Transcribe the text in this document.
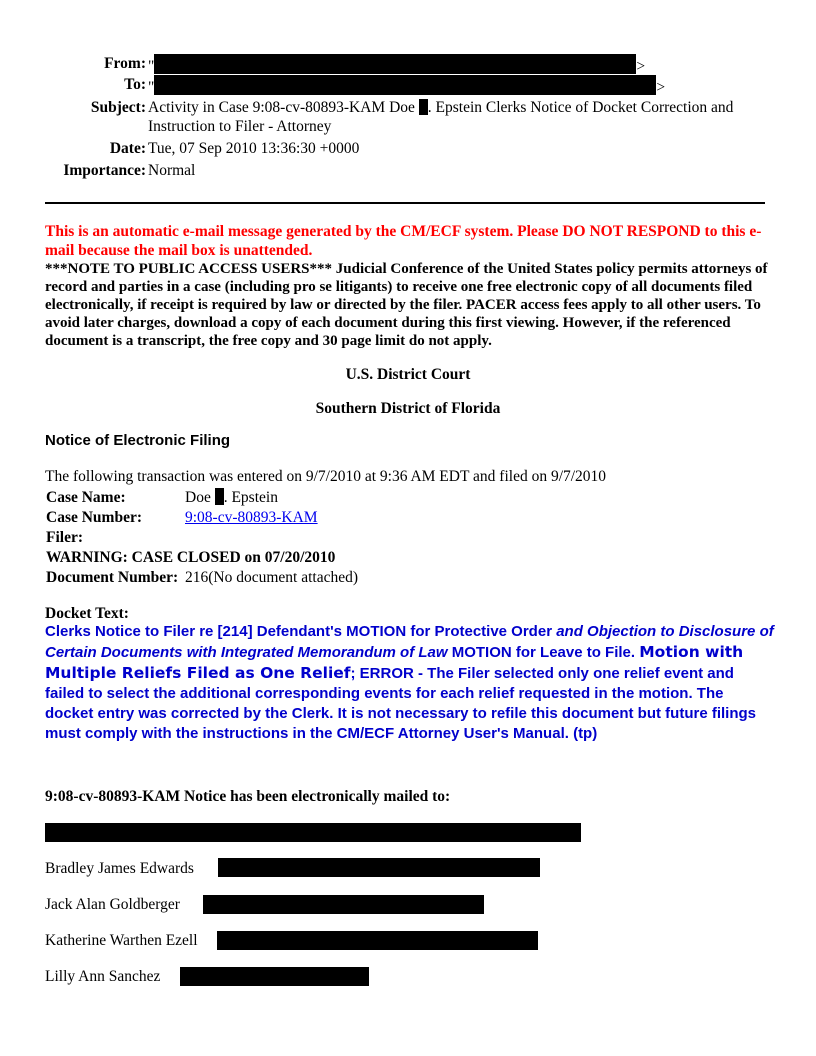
From: "	>
To: "	>
Subject: Activity in Case 9:08-cv-80893-KAM Doe . Epstein Clerks Notice of Docket Correction and
Instruction to Filer - Attorney
Date: Tue, 07 Sep 2010 13:36:30 +0000
Importance: Normal
This is an automatic e-mail message generated by the CM/ECF system. Please DO NOT RESPOND to this e-mail because the mail box is unattended.
***NOTE TO PUBLIC ACCESS USERS*** Judicial Conference of the United States policy permits attorneys of record and parties in a case (including pro se litigants) to receive one free electronic copy of all documents filed electronically, if receipt is required by law or directed by the filer. PACER access fees apply to all other users. To avoid later charges, download a copy of each document during this first viewing. However, if the referenced document is a transcript, the free copy and 30 page limit do not apply.
U.S. District Court
Southern District of Florida
Notice of Electronic Filing
The following transaction was entered on 9/7/2010 at 9:36 AM EDT and filed on 9/7/2010
Case Name:	Doe . Epstein
Case Number:	9:08-cv-80893-KAM
Filer:
WARNING: CASE CLOSED on 07/20/2010
Document Number: 216(No document attached)
Docket Text:
Clerks Notice to Filer re [214] Defendant's MOTION for Protective Order and Objection to Disclosure of Certain Documents with Integrated Memorandum of Law MOTION for Leave to File. Motion with Multiple Reliefs Filed as One Relief; ERROR - The Filer selected only one relief event and failed to select the additional corresponding events for each relief requested in the motion. The docket entry was corrected by the Clerk. It is not necessary to refile this document but future filings must comply with the instructions in the CM/ECF Attorney User's Manual. (tp)
9:08-cv-80893-KAM Notice has been electronically mailed to:
Bradley James Edwards
Jack Alan Goldberger
Katherine Warthen Ezell
Lilly Ann Sanchez
